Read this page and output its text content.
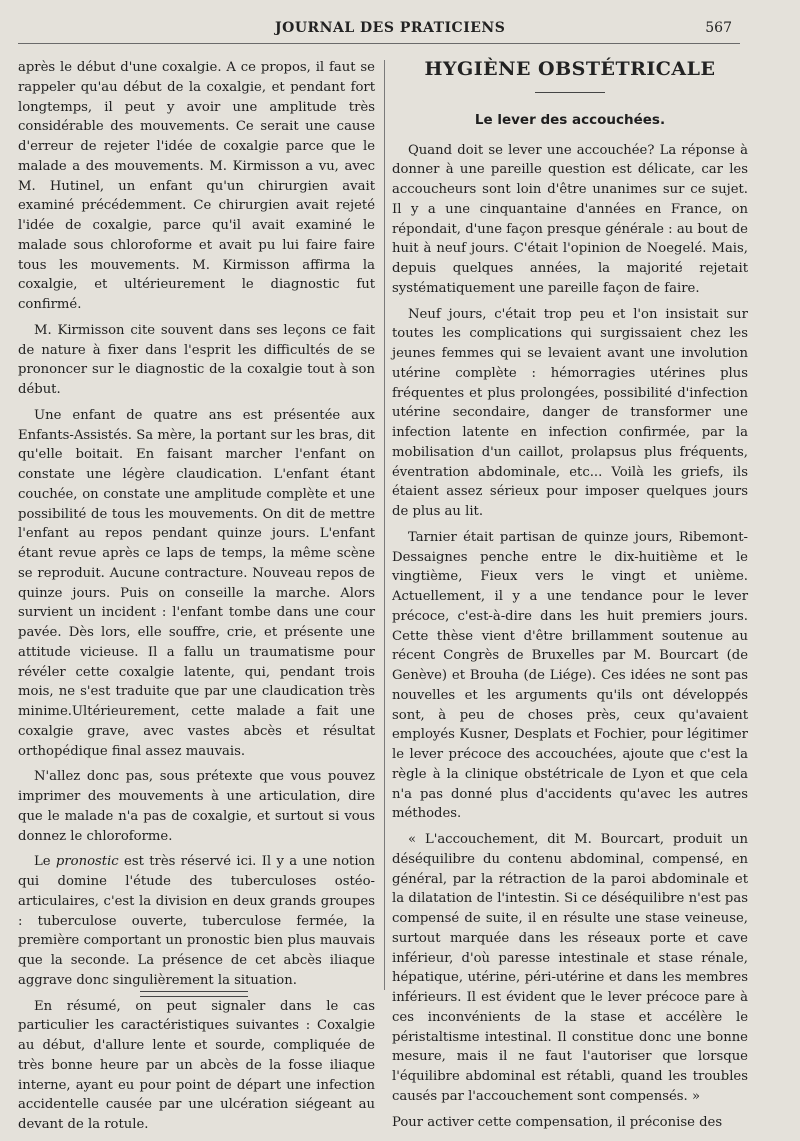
JOURNAL DES PRATICIENS	567

après le début d'une coxalgie. A ce propos, il faut se rappeler qu'au début de la coxalgie, et pendant fort longtemps, il peut y avoir une amplitude très considérable des mouvements. Ce serait une cause d'erreur de rejeter l'idée de coxalgie parce que le malade a des mouvements. M. Kirmisson a vu, avec M. Hutinel, un enfant qu'un chirurgien avait examiné précédemment. Ce chirurgien avait rejeté l'idée de coxalgie, parce qu'il avait examiné le malade sous chloroforme et avait pu lui faire faire tous les mouvements. M. Kirmisson affirma la coxalgie, et ultérieurement le diagnostic fut confirmé.

M. Kirmisson cite souvent dans ses leçons ce fait de nature à fixer dans l'esprit les difficultés de se prononcer sur le diagnostic de la coxalgie tout à son début.

Une enfant de quatre ans est présentée aux Enfants-Assistés. Sa mère, la portant sur les bras, dit qu'elle boitait. En faisant marcher l'enfant on constate une légère claudication. L'enfant étant couchée, on constate une amplitude complète et une possibilité de tous les mouvements. On dit de mettre l'enfant au repos pendant quinze jours. L'enfant étant revue après ce laps de temps, la même scène se reproduit. Aucune contracture. Nouveau repos de quinze jours. Puis on conseille la marche. Alors survient un incident : l'enfant tombe dans une cour pavée. Dès lors, elle souffre, crie, et présente une attitude vicieuse. Il a fallu un traumatisme pour révéler cette coxalgie latente, qui, pendant trois mois, ne s'est traduite que par une claudication très minime.Ultérieurement, cette malade a fait une coxalgie grave, avec vastes abcès et résultat orthopédique final assez mauvais.

N'allez donc pas, sous prétexte que vous pouvez imprimer des mouvements à une articulation, dire que le malade n'a pas de coxalgie, et surtout si vous donnez le chloroforme.

Le pronostic est très réservé ici. Il y a une notion qui domine l'étude des tuberculoses ostéo-articulaires, c'est la division en deux grands groupes : tuberculose ouverte, tuberculose fermée, la première comportant un pronostic bien plus mauvais que la seconde. La présence de cet abcès iliaque aggrave donc singulièrement la situation.

En résumé, on peut signaler dans le cas particulier les caractéristiques suivantes : Coxalgie au début, d'allure lente et sourde, compliquée de très bonne heure par un abcès de la fosse iliaque interne, ayant eu pour point de départ une infection accidentelle causée par une ulcération siégeant au devant de la rotule.

HYGIÈNE OBSTÉTRICALE
Le lever des accouchées.

Quand doit se lever une accouchée? La réponse à donner à une pareille question est délicate, car les accoucheurs sont loin d'être unanimes sur ce sujet. Il y a une cinquantaine d'années en France, on répondait, d'une façon presque générale : au bout de huit à neuf jours. C'était l'opinion de Noegelé. Mais, depuis quelques années, la majorité rejetait systématiquement une pareille façon de faire.

Neuf jours, c'était trop peu et l'on insistait sur toutes les complications qui surgissaient chez les jeunes femmes qui se levaient avant une involution utérine complète : hémorragies utérines plus fréquentes et plus prolongées, possibilité d'infection utérine secondaire, danger de transformer une infection latente en infection confirmée, par la mobilisation d'un caillot, prolapsus plus fréquents, éventration abdominale, etc... Voilà les griefs, ils étaient assez sérieux pour imposer quelques jours de plus au lit.

Tarnier était partisan de quinze jours, Ribemont-Dessaignes penche entre le dix-huitième et le vingtième, Fieux vers le vingt et unième. Actuellement, il y a une tendance pour le lever précoce, c'est-à-dire dans les huit premiers jours. Cette thèse vient d'être brillamment soutenue au récent Congrès de Bruxelles par M. Bourcart (de Genève) et Brouha (de Liége). Ces idées ne sont pas nouvelles et les arguments qu'ils ont développés sont, à peu de choses près, ceux qu'avaient employés Kusner, Desplats et Fochier, pour légitimer le lever précoce des accouchées, ajoute que c'est la règle à la clinique obstétricale de Lyon et que cela n'a pas donné plus d'accidents qu'avec les autres méthodes.

« L'accouchement, dit M. Bourcart, produit un déséquilibre du contenu abdominal, compensé, en général, par la rétraction de la paroi abdominale et la dilatation de l'intestin. Si ce déséquilibre n'est pas compensé de suite, il en résulte une stase veineuse, surtout marquée dans les réseaux porte et cave inférieur, d'où paresse intestinale et stase rénale, hépatique, utérine, péri-utérine et dans les membres inférieurs. Il est évident que le lever précoce pare à ces inconvénients de la stase et accélère le péristaltisme intestinal. Il constitue donc une bonne mesure, mais il ne faut l'autoriser que lorsque l'équilibre abdominal est rétabli, quand les troubles causés par l'accouchement sont compensés. »

Pour activer cette compensation, il préconise des
